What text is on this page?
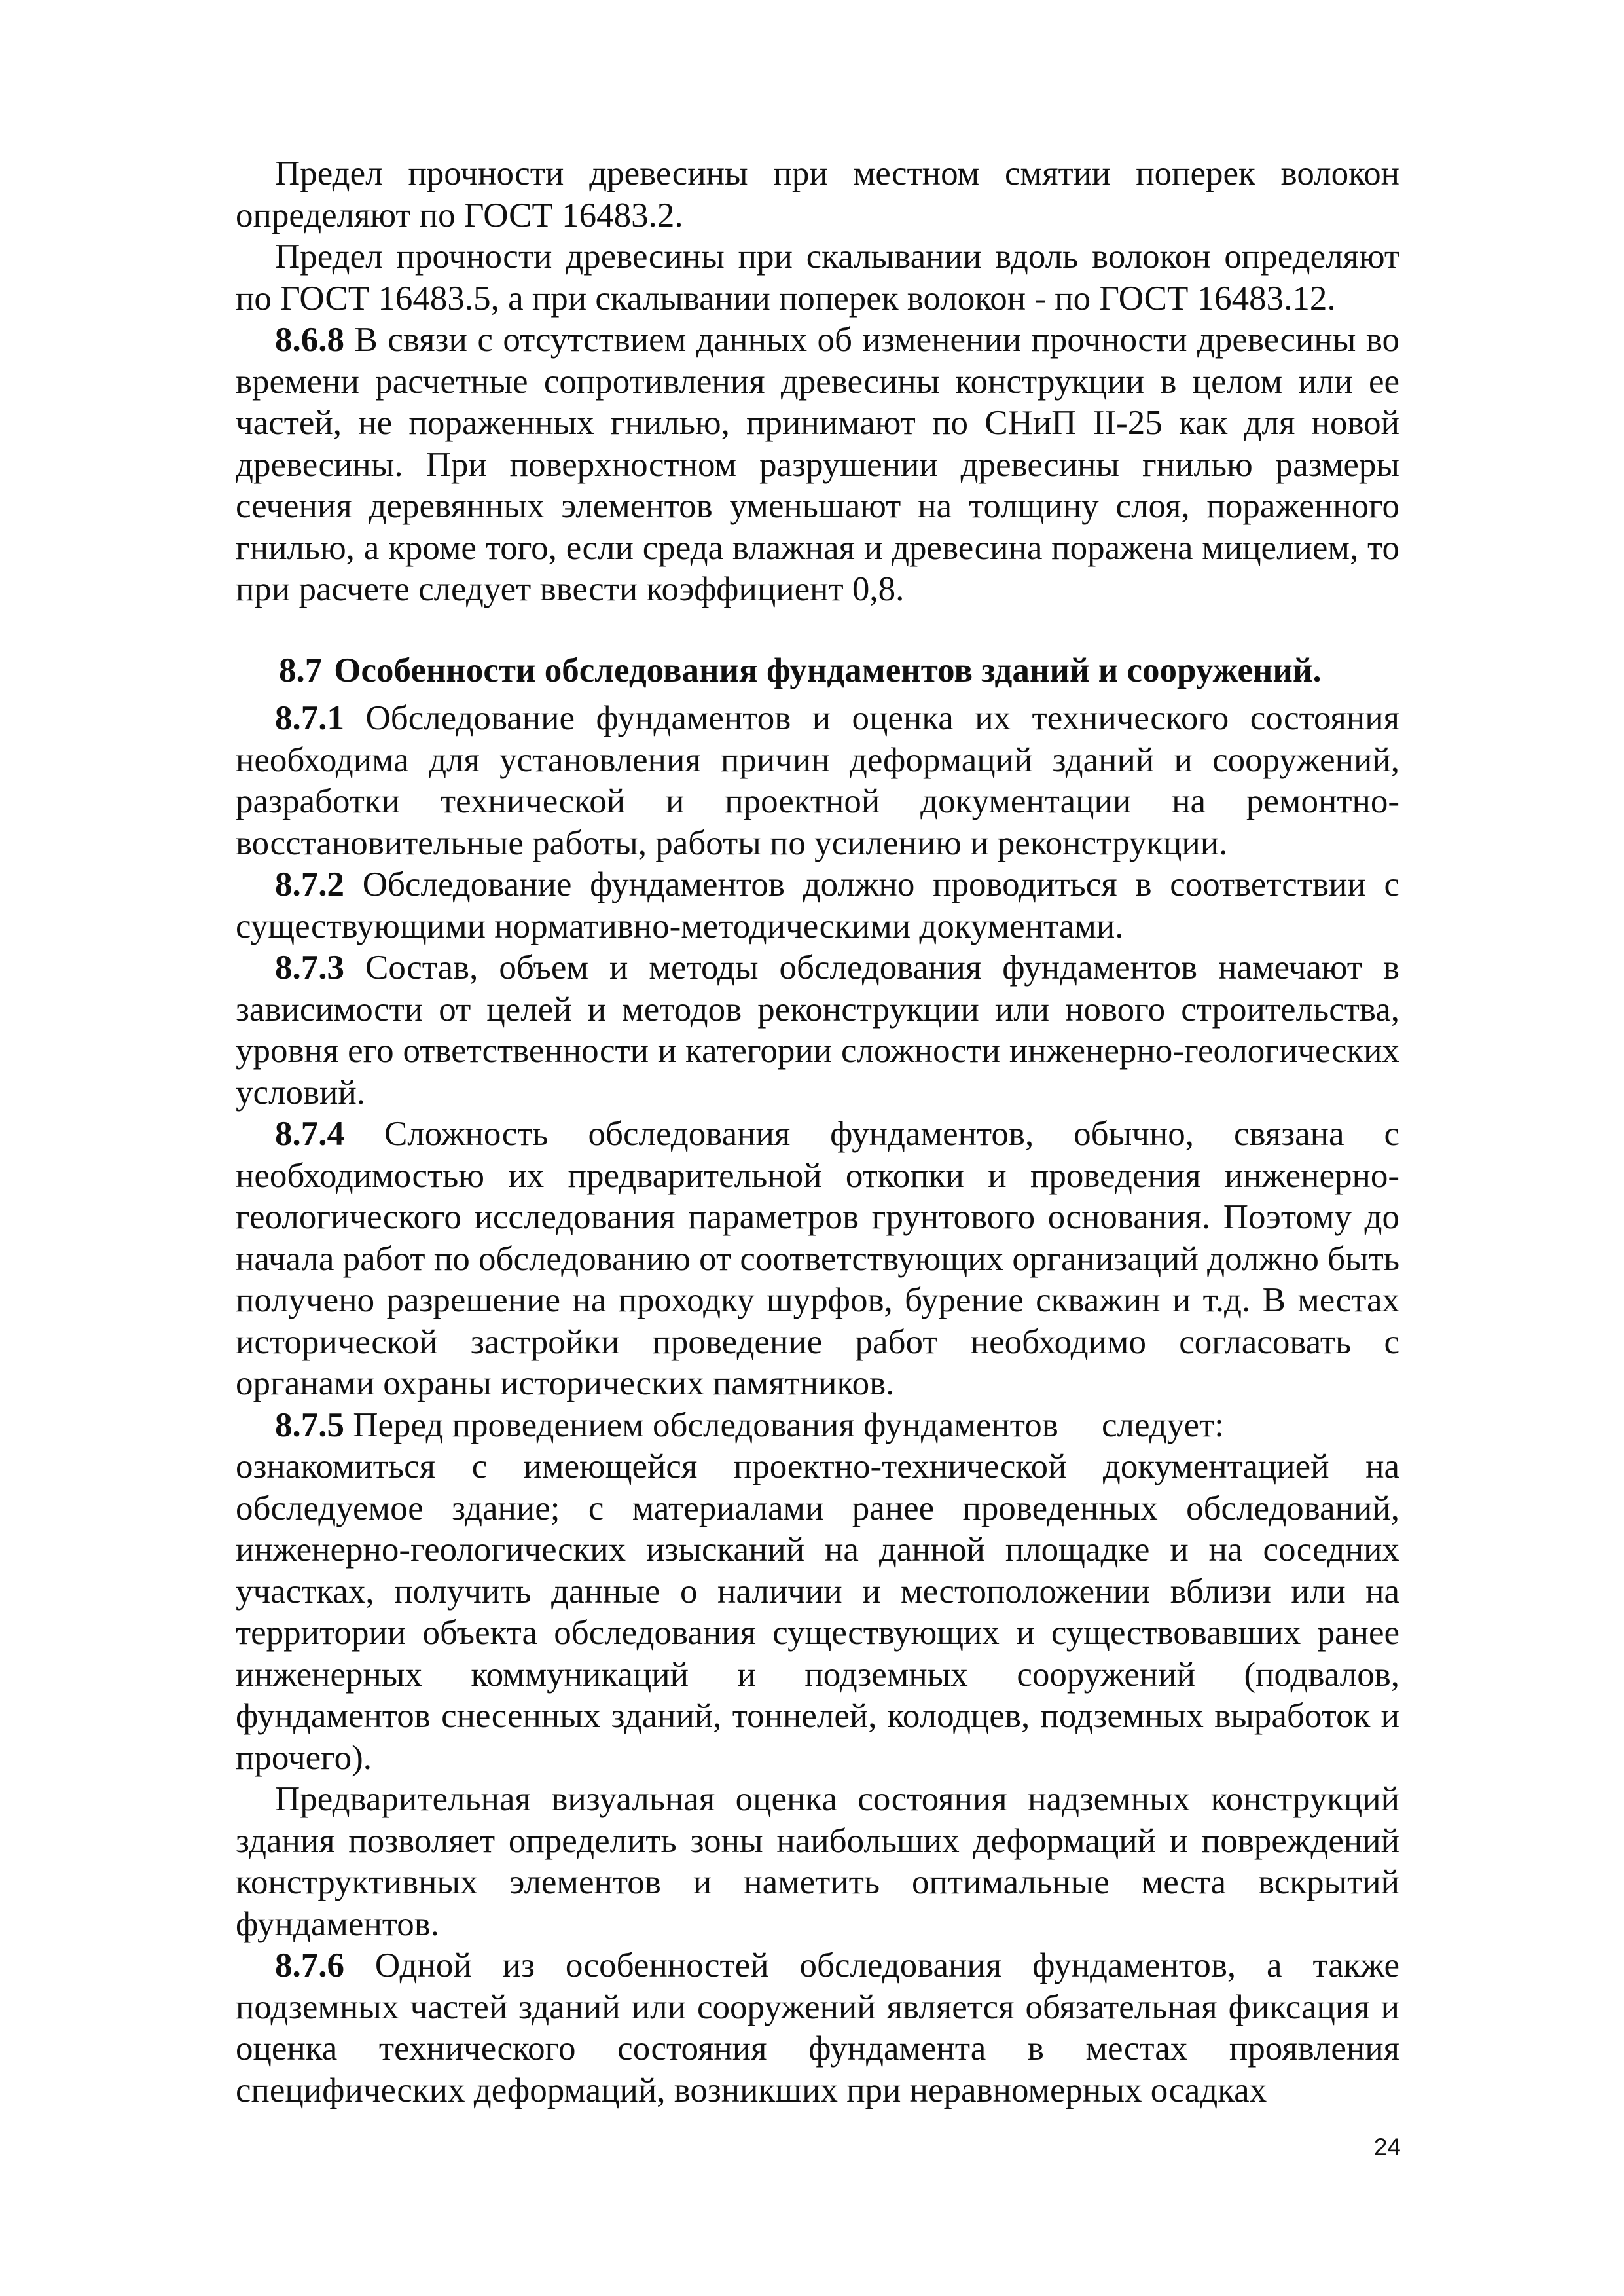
Предел прочности древесины при местном смятии поперек волокон определяют по ГОСТ 16483.2.

Предел прочности древесины при скалывании вдоль волокон определяют по ГОСТ 16483.5, а при скалывании поперек волокон - по ГОСТ 16483.12.

8.6.8 В связи с отсутствием данных об изменении прочности древесины во времени расчетные сопротивления древесины конструкции в целом или ее частей, не пораженных гнилью, принимают по СНиП II-25 как для новой древесины. При поверхностном разрушении древесины гнилью размеры сечения деревянных элементов уменьшают на толщину слоя, пораженного гнилью, а кроме того, если среда влажная и древесина поражена мицелием, то при расчете следует ввести коэффициент 0,8.

8.7 Особенности обследования фундаментов зданий и сооружений.

8.7.1 Обследование фундаментов и оценка их технического состояния необходима для установления причин деформаций зданий и сооружений, разработки технической и проектной документации на ремонтно-восстановительные работы, работы по усилению и реконструкции.

8.7.2 Обследование фундаментов должно проводиться в соответствии с существующими нормативно-методическими документами.

8.7.3 Состав, объем и методы обследования фундаментов намечают в зависимости от целей и методов реконструкции или нового строительства, уровня его ответственности и категории сложности инженерно-геологических условий.

8.7.4 Сложность обследования фундаментов, обычно, связана с необходимостью их предварительной откопки и проведения инженерно-геологического исследования параметров грунтового основания. Поэтому до начала работ по обследованию от соответствующих организаций должно быть получено разрешение на проходку шурфов, бурение скважин и т.д. В местах исторической застройки проведение работ необходимо согласовать с органами охраны исторических памятников.

8.7.5 Перед проведением обследования фундаментов     следует:

ознакомиться с имеющейся проектно-технической документацией на обследуемое здание; с материалами ранее проведенных обследований, инженерно-геологических изысканий на данной площадке и на соседних участках, получить данные о наличии и местоположении вблизи или на территории объекта обследования существующих и существовавших ранее инженерных коммуникаций и подземных сооружений (подвалов, фундаментов снесенных зданий, тоннелей, колодцев, подземных выработок и прочего).

Предварительная визуальная оценка состояния надземных конструкций здания позволяет определить зоны наибольших деформаций и повреждений конструктивных элементов и наметить оптимальные места вскрытий фундаментов.

8.7.6 Одной из особенностей обследования фундаментов, а также подземных частей зданий или сооружений является обязательная фиксация и оценка технического состояния фундамента в местах проявления специфических деформаций, возникших при неравномерных осадках

24
